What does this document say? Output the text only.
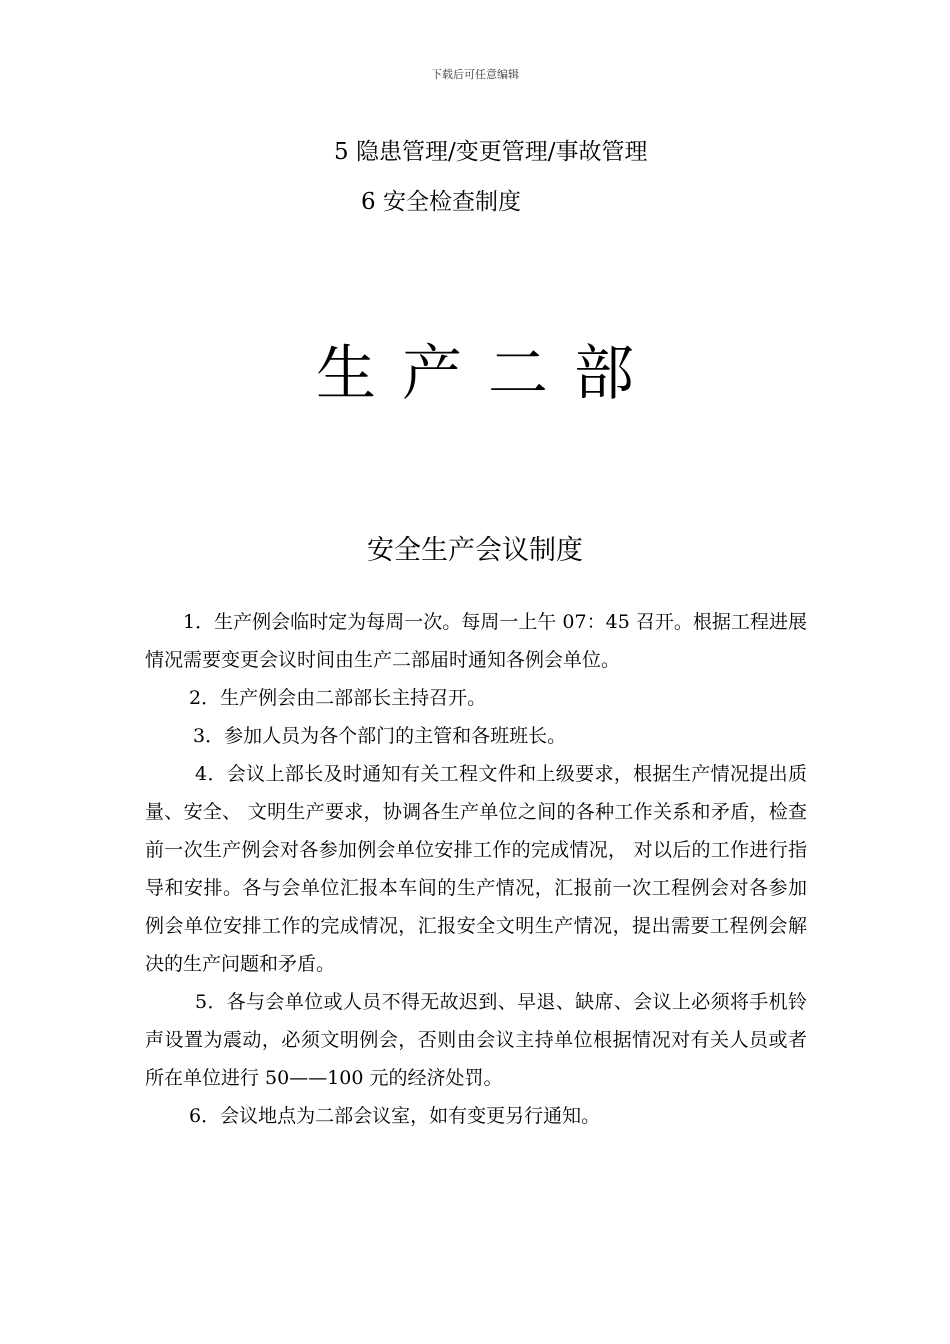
下载后可任意编辑
5 隐患管理/变更管理/事故管理
6 安全检查制度
生产二部
安全生产会议制度

1．生产例会临时定为每周一次。每周一上午 07：45 召开。根据工程进展情况需要变更会议时间由生产二部届时通知各例会单位。

2．生产例会由二部部长主持召开。

3．参加人员为各个部门的主管和各班班长。

4．会议上部长及时通知有关工程文件和上级要求，根据生产情况提出质量、安全、 文明生产要求，协调各生产单位之间的各种工作关系和矛盾，检查前一次生产例会对各参加例会单位安排工作的完成情况， 对以后的工作进行指导和安排。各与会单位汇报本车间的生产情况，汇报前一次工程例会对各参加例会单位安排工作的完成情况，汇报安全文明生产情况，提出需要工程例会解决的生产问题和矛盾。

5．各与会单位或人员不得无故迟到、早退、缺席、会议上必须将手机铃声设置为震动，必须文明例会，否则由会议主持单位根据情况对有关人员或者所在单位进行 50——100 元的经济处罚。

6．会议地点为二部会议室，如有变更另行通知。
